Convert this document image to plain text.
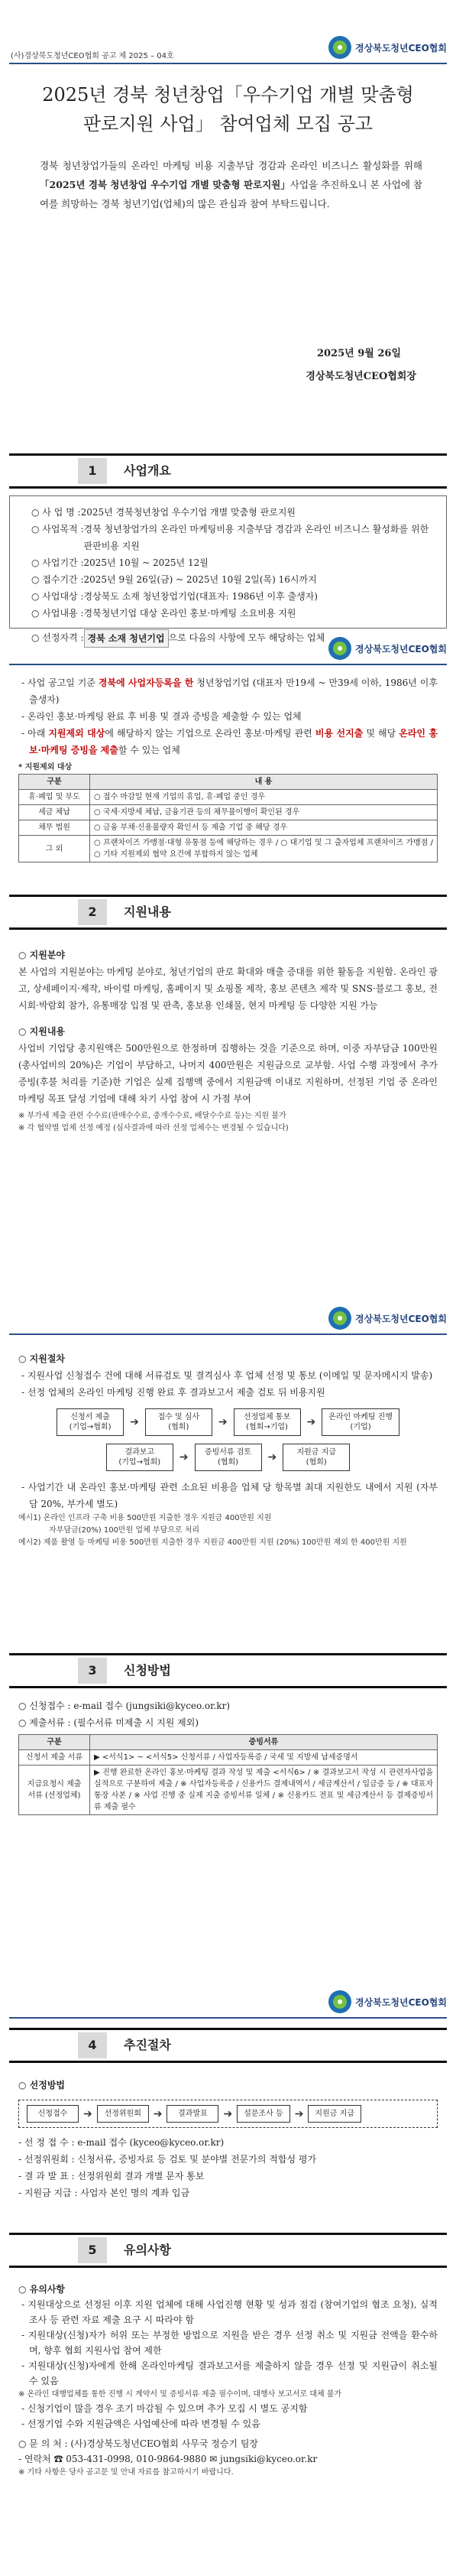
(사)경상북도청년CEO협회 공고 제 2025 – 04호
경상북도청년CEO협회
2025년 경북 청년창업「우수기업 개별 맞춤형
판로지원 사업」 참여업체 모집 공고
경북 청년창업가들의 온라인 마케팅 비용 지출부담 경감과 온라인 비즈니스 활성화를 위해 「2025년 경북 청년창업 우수기업 개별 맞춤형 판로지원」사업을 추진하오니 본 사업에 참여를 희망하는 경북 청년기업(업체)의 많은 관심과 참여 부탁드립니다.
2025년 9월 26일
경상북도청년CEO협회장
1	사업개요
○ 사 업 명 : 2025년 경북청년창업 우수기업 개별 맞춤형 판로지원
○ 사업목적 : 경북 청년창업가의 온라인 마케팅비용 지출부담 경감과 온라인 비즈니스 활성화를 위한 판판비용 지원
○ 사업기간 : 2025년 10월 ~ 2025년 12월
○ 접수기간 : 2025년 9월 26일(금) ~ 2025년 10월 2일(목) 16시까지
○ 사업대상 : 경상북도 소재 청년창업기업(대표자: 1986년 이후 출생자)
○ 사업내용 : 경북청년기업 대상 온라인 홍보·마케팅 소요비용 지원
○ 선정자격 : 경북 소재 청년기업 으로 다음의 사항에 모두 해당하는 업체
경상북도청년CEO협회
- 사업 공고일 기준 경북에 사업자등록을 한 청년창업기업 (대표자 만19세 ~ 만39세 이하, 1986년 이후 출생자)
- 온라인 홍보·마케팅 완료 후 비용 및 결과 증빙을 제출할 수 있는 업체
- 아래 지원제외 대상에 해당하지 않는 기업으로 온라인 홍보·마케팅 관련 비용 선지출 및 해당 온라인 홍보·마케팅 증빙을 제출할 수 있는 업체
* 지원제외 대상
구분	내 용
휴·폐업 및 부도	○ 접수 마감일 현재 기업의 휴업, 휴·폐업 중인 경우
세금 체납	○ 국세·지방세 체납, 금융기관 등의 채무불이행이 확인된 경우
채무 법원	○ 금융 부채·신용불량자 확인서 등 제출 기업 중 해당 경우
그 외	○ 프랜차이즈 가맹점·대형 유통점 등에 해당하는 경우 / ○ 대기업 및 그 출자업체 프랜차이즈 가맹점 / ○ 기타 지원제외 협약 요건에 부합하지 않는 업체
2	지원내용
○ 지원분야
본 사업의 지원분야는 마케팅 분야로, 청년기업의 판로 확대와 매출 증대를 위한 활동을 지원함. 온라인 광고, 상세페이지·제작, 바이럴 마케팅, 홈페이지 및 쇼핑몰 제작, 홍보 콘텐츠 제작 및 SNS·블로그 홍보, 전시회·박람회 참가, 유통매장 입점 및 판촉, 홍보용 인쇄물, 현지 마케팅 등 다양한 지원 가능
○ 지원내용
사업비 기업당 총지원액은 500만원으로 한정하며 집행하는 것을 기준으로 하며, 이중 자부담금 100만원(총사업비의 20%)은 기업이 부담하고, 나머지 400만원은 지원금으로 교부함. 사업 수행 과정에서 추가 증빙(후불 처리를 기준)한 기업은 실제 집행액 중에서 지원금액 이내로 지원하며, 선정된 기업 중 온라인 마케팅 목표 달성 기업에 대해 차기 사업 참여 시 가점 부여
※ 부가세 제출 관련 수수료(판매수수료, 중개수수료, 배달수수료 등)는 지원 불가
※ 각 협약별 업체 선정 예정 (심사결과에 따라 선정 업체수는 변경될 수 있습니다)
경상북도청년CEO협회
○ 지원절차
- 지원사업 신청접수 건에 대해 서류검토 및 결격심사 후 업체 선정 및 통보 (이메일 및 문자메시지 발송)
- 선정 업체의 온라인 마케팅 진행 완료 후 결과보고서 제출 검토 뒤 비용지원
신청서 제출
(기업→협회)	➔	접수 및 심사
(협회)	➔	선정업체 통보
(협회→기업)	➔	온라인 마케팅 진행
(기업)
결과보고
(기업→협회)	➔	증빙서류 검토
(협회)	➔	지원금 지급
(협회)
- 사업기간 내 온라인 홍보·마케팅 관련 소요된 비용을 업체 당 항목별 최대 지원한도 내에서 지원 (자부담 20%, 부가세 별도)
예시1) 온라인 인프라 구축 비용 500만원 지출한 경우 지원금 400만원 지원
자부담금(20%) 100만원 업체 부담으로 처리
예시2) 제품 촬영 등 마케팅 비용 500만원 지출한 경우 지원금 400만원 지원 (20%) 100만원 제외 한 400만원 지원
3	신청방법
○ 신청접수 : e-mail 접수 (jungsiki@kyceo.or.kr)
○ 제출서류 : (필수서류 미제출 시 지원 제외)
구분	증빙서류
신청서 제출 서류	▶ <서식1> ~ <서식5> 신청서류 / 사업자등록증 / 국세 및 지방세 납세증명서
지급요청시 제출 서류 (선정업체)	▶ 진행 완료한 온라인 홍보·마케팅 결과 작성 및 제출 <서식6> / ※ 결과보고서 작성 시 관련자사업을 실적으로 구분하여 제출 / ※ 사업자등록증 / 신용카드 결제내역서 / 세금계산서 / 입금증 등 / ※ 대표자 통장 사본 / ※ 사업 진행 중 실제 지출 증빙서류 일체 / ※ 신용카드 전표 및 세금계산서 등 결제증빙서류 제출 필수
경상북도청년CEO협회
4	추진절차
○ 선정방법
신청접수	➔	선정위원회	➔	결과발표	➔	설문조사 등	➔	지원금 지급
- 선 정 접 수 : e-mail 접수 (kyceo@kyceo.or.kr)
- 선정위원회 : 신청서류, 증빙자료 등 검토 및 분야별 전문가의 적합성 평가
- 결 과 발 표 : 선정위원회 결과 개별 문자 통보
- 지원금 지급 : 사업자 본인 명의 계좌 입금
5	유의사항
○ 유의사항
- 지원대상으로 선정된 이후 지원 업체에 대해 사업진행 현황 및 성과 점검 (참여기업의 협조 요청), 실적 조사 등 관련 자료 제출 요구 시 따라야 함
- 지원대상(신청)자가 허위 또는 부정한 방법으로 지원을 받은 경우 선정 취소 및 지원금 전액을 환수하며, 향후 협회 지원사업 참여 제한
- 지원대상(신청)자에게 한해 온라인마케팅 결과보고서를 제출하지 않을 경우 선정 및 지원금이 취소될 수 있음
※ 온라인 대행업체를 통한 진행 시 계약서 및 증빙서류 제출 필수이며, 대행사 보고서로 대체 불가
- 신청기업이 많을 경우 조기 마감될 수 있으며 추가 모집 시 별도 공지함
- 선정기업 수와 지원금액은 사업예산에 따라 변경될 수 있음
○ 문 의 처 : (사)경상북도청년CEO협회 사무국 정승기 팀장
- 연락처 ☎ 053-431-0998, 010-9864-9880 ✉ jungsiki@kyceo.or.kr
※ 기타 사항은 당사 공고문 및 안내 자료를 참고하시기 바랍니다.
